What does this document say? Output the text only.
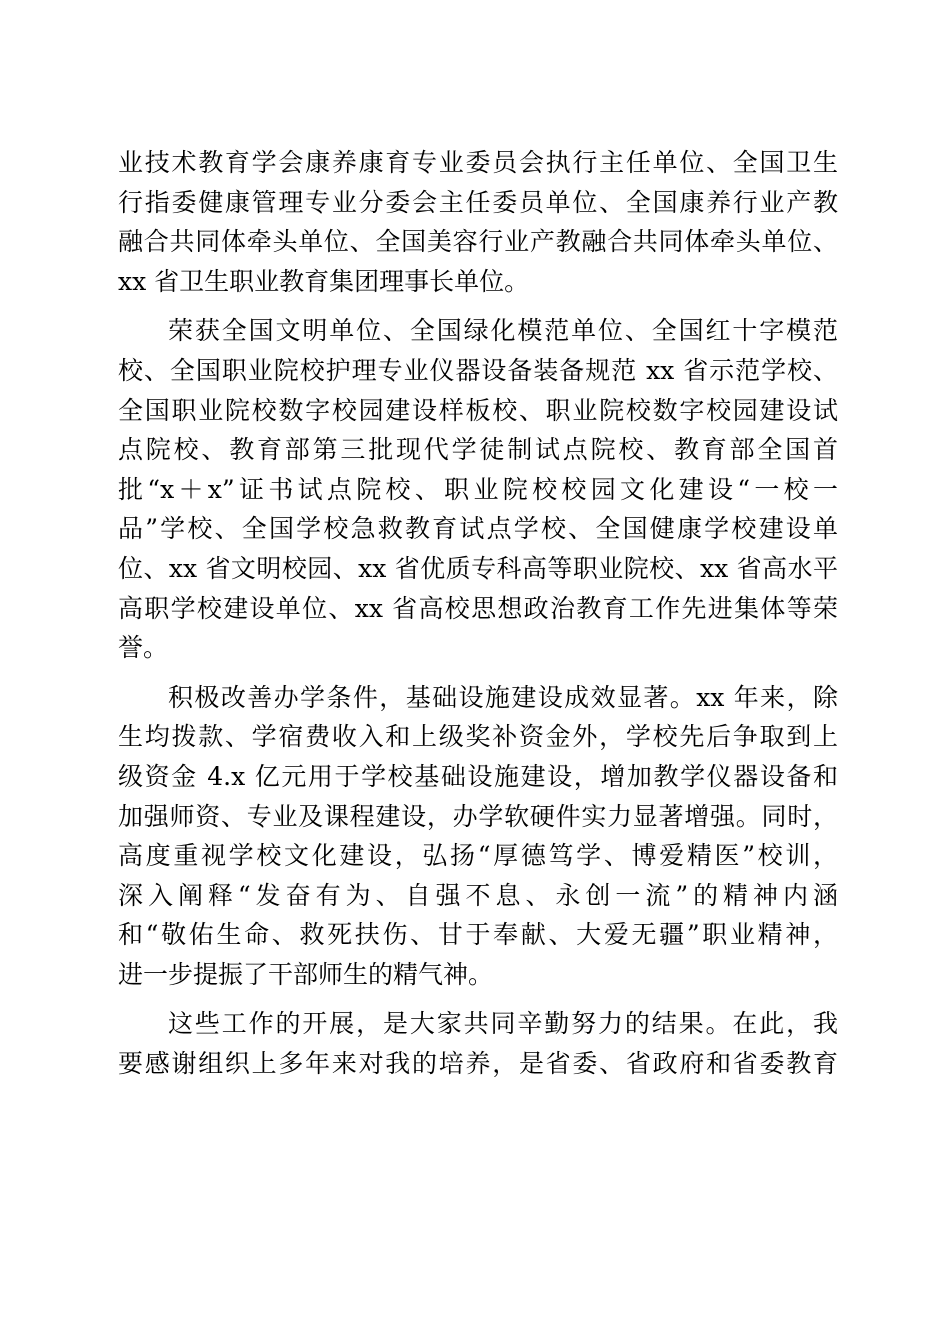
业技术教育学会康养康育专业委员会执行主任单位、全国卫生
行指委健康管理专业分委会主任委员单位、全国康养行业产教
融合共同体牵头单位、全国美容行业产教融合共同体牵头单位、
xx 省卫生职业教育集团理事长单位。
荣获全国文明单位、全国绿化模范单位、全国红十字模范
校、全国职业院校护理专业仪器设备装备规范 xx 省示范学校、
全国职业院校数字校园建设样板校、职业院校数字校园建设试
点院校、教育部第三批现代学徒制试点院校、教育部全国首
批“x＋x”证书试点院校、职业院校校园文化建设“一校一
品”学校、全国学校急救教育试点学校、全国健康学校建设单
位、xx 省文明校园、xx 省优质专科高等职业院校、xx 省高水平
高职学校建设单位、xx 省高校思想政治教育工作先进集体等荣
誉。
积极改善办学条件，基础设施建设成效显著。xx 年来，除
生均拨款、学宿费收入和上级奖补资金外，学校先后争取到上
级资金 4.x 亿元用于学校基础设施建设，增加教学仪器设备和
加强师资、专业及课程建设，办学软硬件实力显著增强。同时，
高度重视学校文化建设，弘扬“厚德笃学、博爱精医”校训，
深入阐释“发奋有为、自强不息、永创一流”的精神内涵
和“敬佑生命、救死扶伤、甘于奉献、大爱无疆”职业精神，
进一步提振了干部师生的精气神。
这些工作的开展，是大家共同辛勤努力的结果。在此，我
要感谢组织上多年来对我的培养，是省委、省政府和省委教育
